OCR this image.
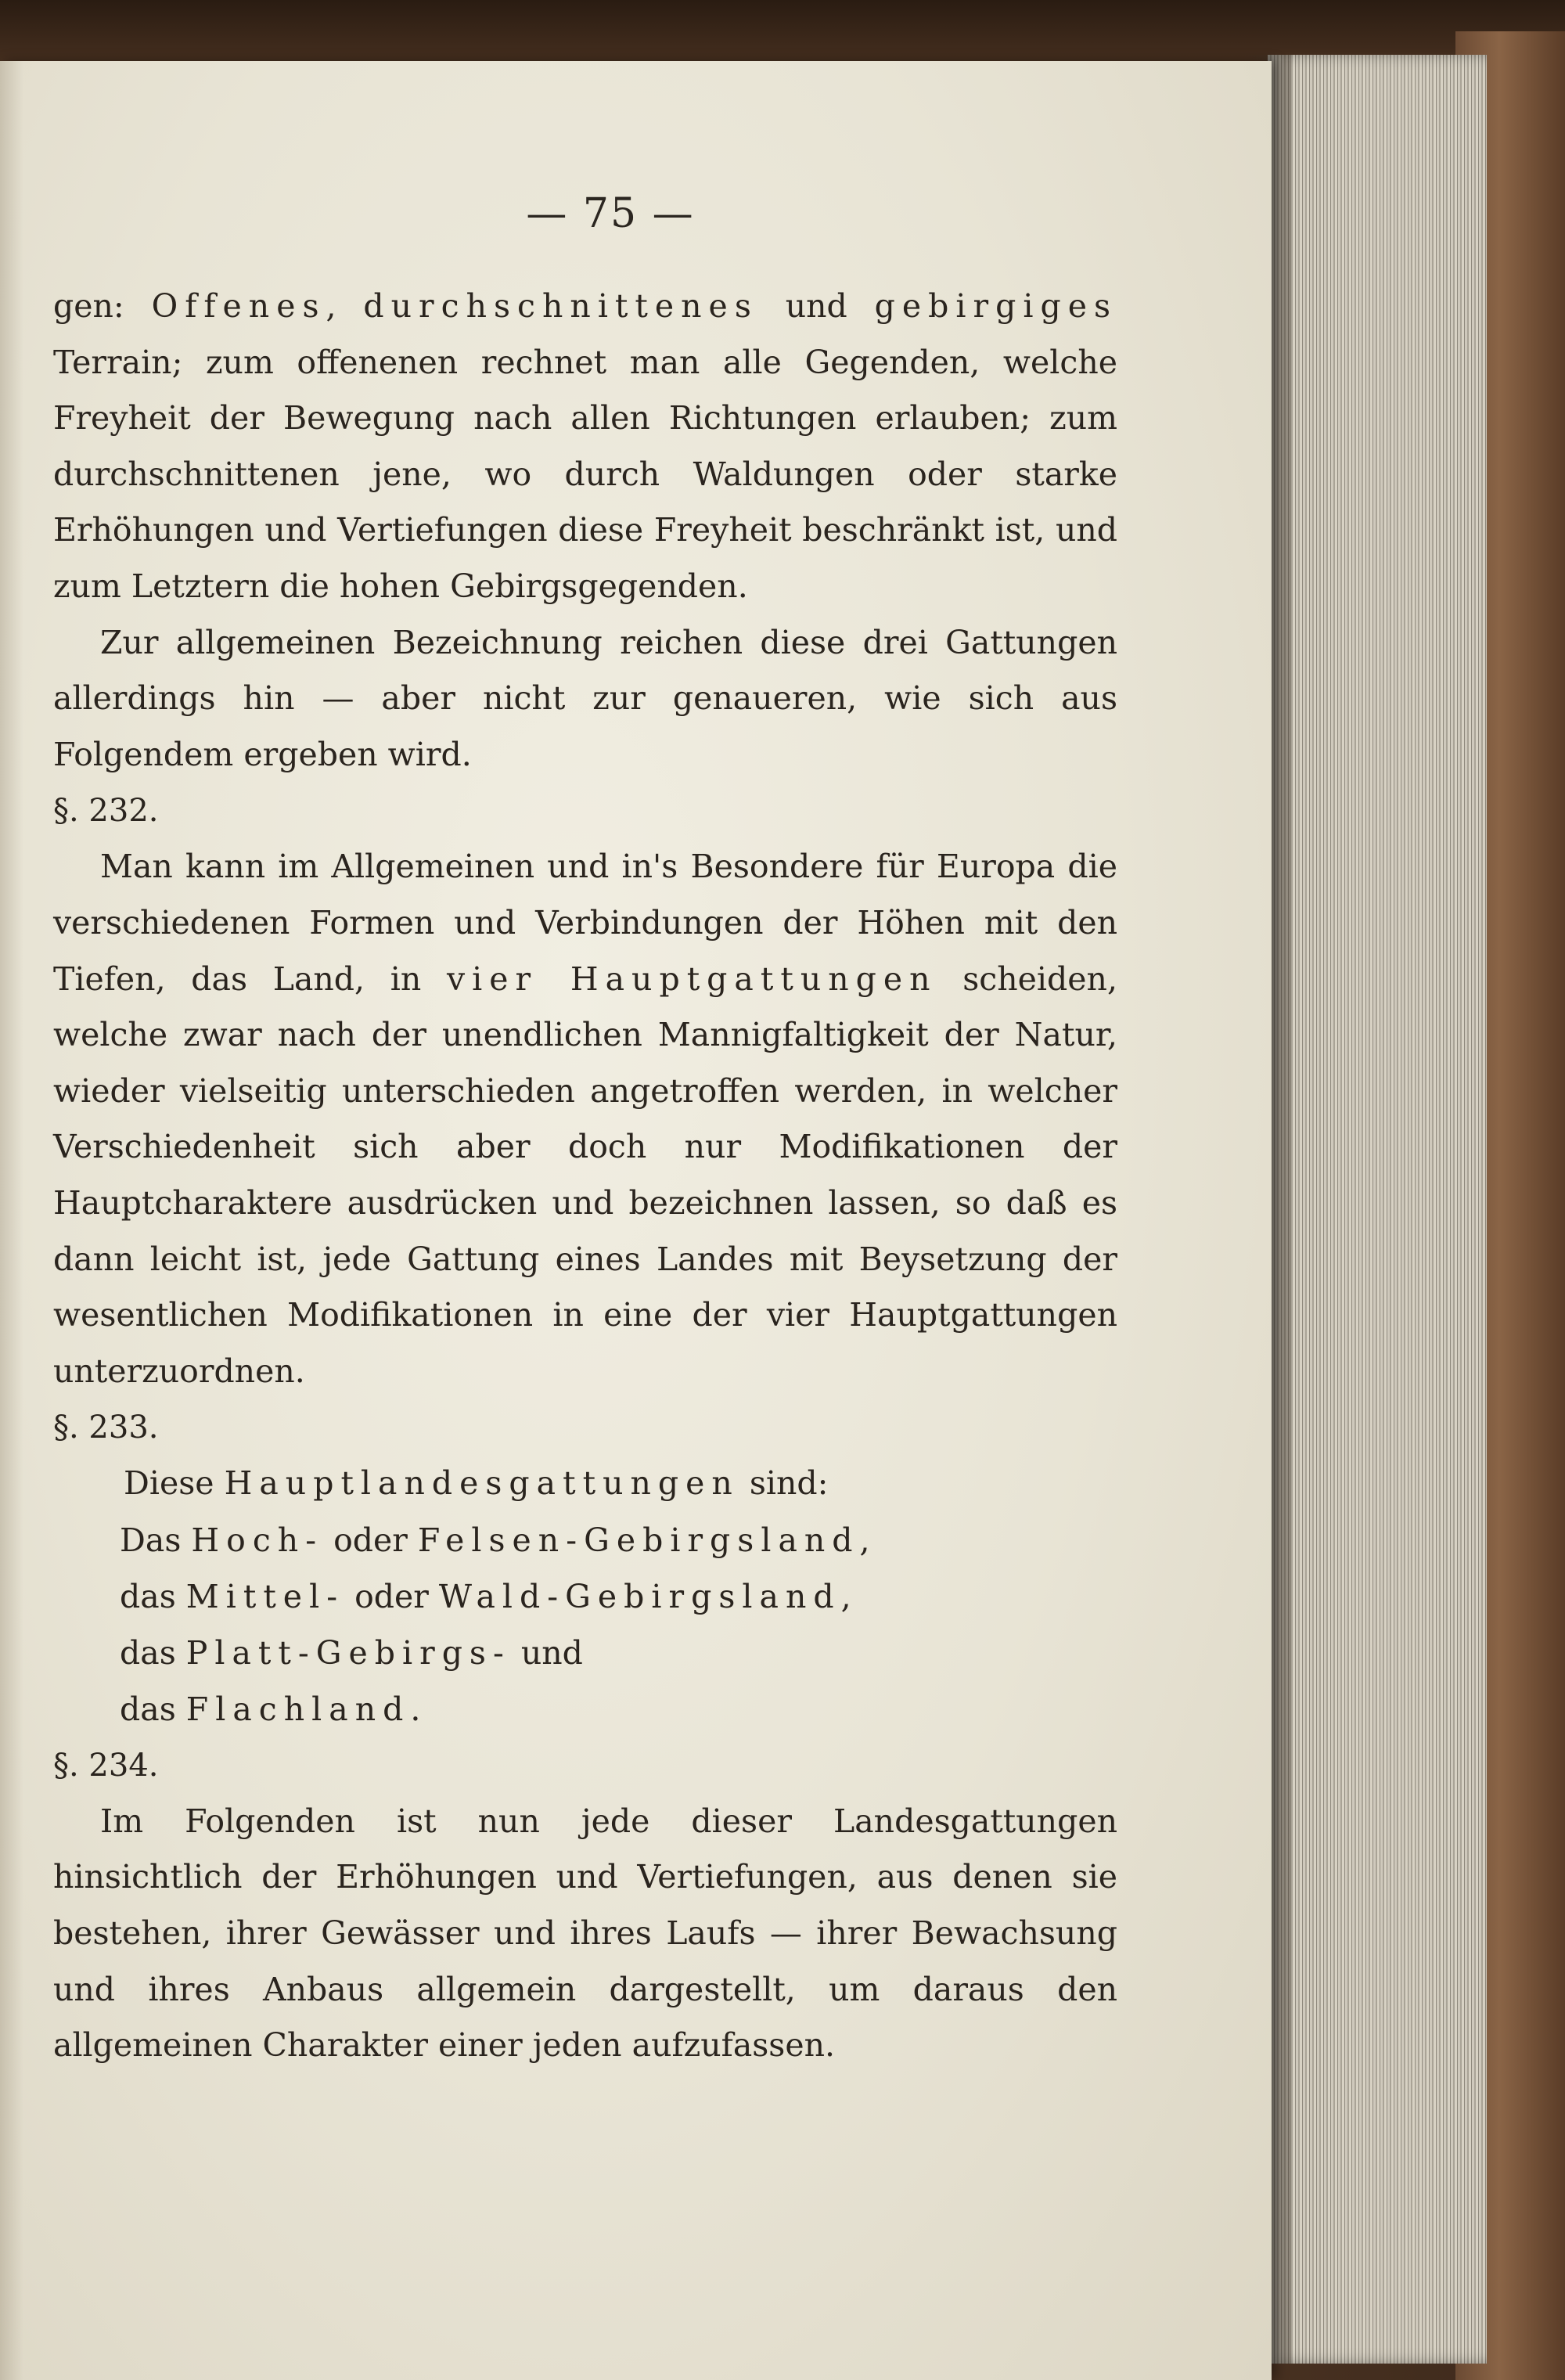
— 75 —

gen: Offenes, durchschnittenes und gebirgiges Terrain; zum offenenen rechnet man alle Gegenden, welche Freyheit der Bewegung nach allen Richtungen erlauben; zum durchschnittenen jene, wo durch Waldungen oder starke Erhöhungen und Vertiefungen diese Freyheit beschränkt ist, und zum Letztern die hohen Gebirgsgegenden.

Zur allgemeinen Bezeichnung reichen diese drei Gattungen allerdings hin — aber nicht zur genaueren, wie sich aus Folgendem ergeben wird.

§. 232.

Man kann im Allgemeinen und in's Besondere für Europa die verschiedenen Formen und Verbindungen der Höhen mit den Tiefen, das Land, in vier Hauptgattungen scheiden, welche zwar nach der unendlichen Mannigfaltigkeit der Natur, wieder vielseitig unterschieden angetroffen werden, in welcher Verschiedenheit sich aber doch nur Modifikationen der Hauptcharaktere ausdrücken und bezeichnen lassen, so daß es dann leicht ist, jede Gattung eines Landes mit Beysetzung der wesentlichen Modifikationen in eine der vier Hauptgattungen unterzuordnen.

§. 233.

Diese Hauptlandesgattungen sind:

Das Hoch- oder Felsen-Gebirgsland,

das Mittel- oder Wald-Gebirgsland,

das Platt-Gebirgs- und

das Flachland.

§. 234.

Im Folgenden ist nun jede dieser Landesgattungen hinsichtlich der Erhöhungen und Vertiefungen, aus denen sie bestehen, ihrer Gewässer und ihres Laufs — ihrer Bewachsung und ihres Anbaus allgemein dargestellt, um daraus den allgemeinen Charakter einer jeden aufzufassen.
